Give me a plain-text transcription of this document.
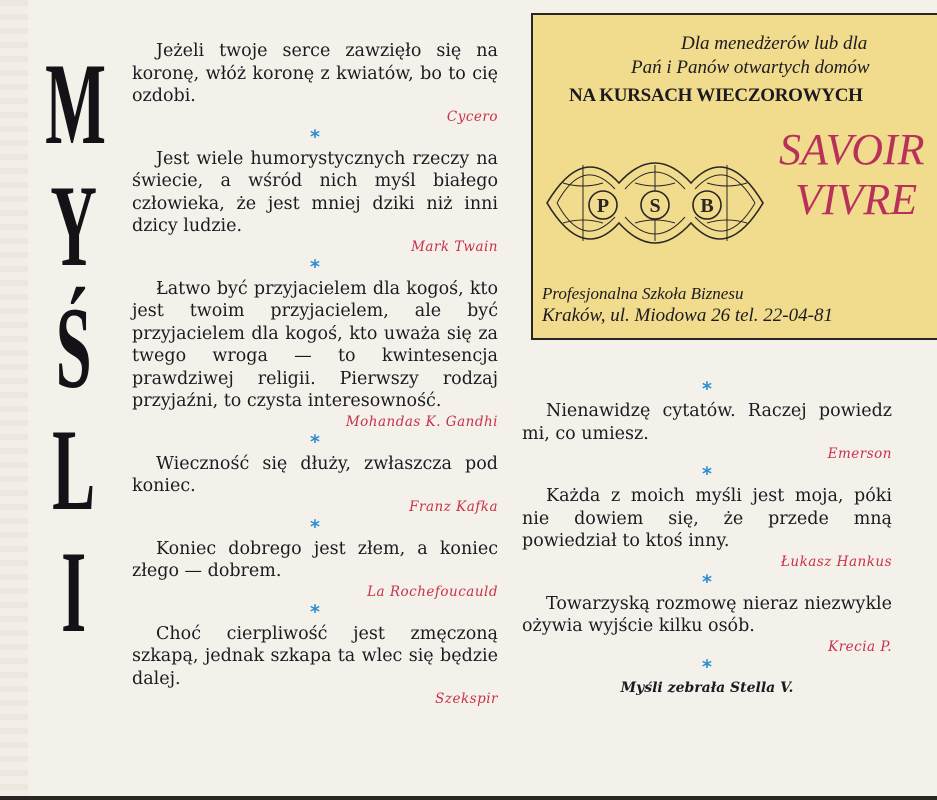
M
Y
Ś
L
I
Jeżeli twoje serce zawzięło się na koronę, włóż koronę z kwiatów, bo to cię ozdobi.
Cycero
*
Jest wiele humorystycznych rzeczy na świecie, a wśród nich myśl białego człowieka, że jest mniej dziki niż inni dzicy ludzie.
Mark Twain
*
Łatwo być przyjacielem dla kogoś, kto jest twoim przyjacielem, ale być przyjacielem dla kogoś, kto uważa się za twego wroga — to kwintesencja prawdziwej religii. Pierwszy rodzaj przyjaźni, to czysta interesowność.
Mohandas K. Gandhi
*
Wieczność się dłuży, zwłaszcza pod koniec.
Franz Kafka
*
Koniec dobrego jest złem, a koniec złego — dobrem.
La Rochefoucauld
*
Choć cierpliwość jest zmęczoną szkapą, jednak szkapa ta wlec się będzie dalej.
Szekspir
Dla menedżerów lub dla
Pań i Panów otwartych domów
NA KURSACH WIECZOROWYCH
P S B
SAVOIR
VIVRE
Profesjonalna Szkoła Biznesu
Kraków, ul. Miodowa 26 tel. 22-04-81
*
Nienawidzę cytatów. Raczej powiedz mi, co umiesz.
Emerson
*
Każda z moich myśli jest moja, póki nie dowiem się, że przede mną powiedział to ktoś inny.
Łukasz Hankus
*
Towarzyską rozmowę nieraz niezwykle ożywia wyjście kilku osób.
Krecia P.
*
Myśli zebrała Stella V.
